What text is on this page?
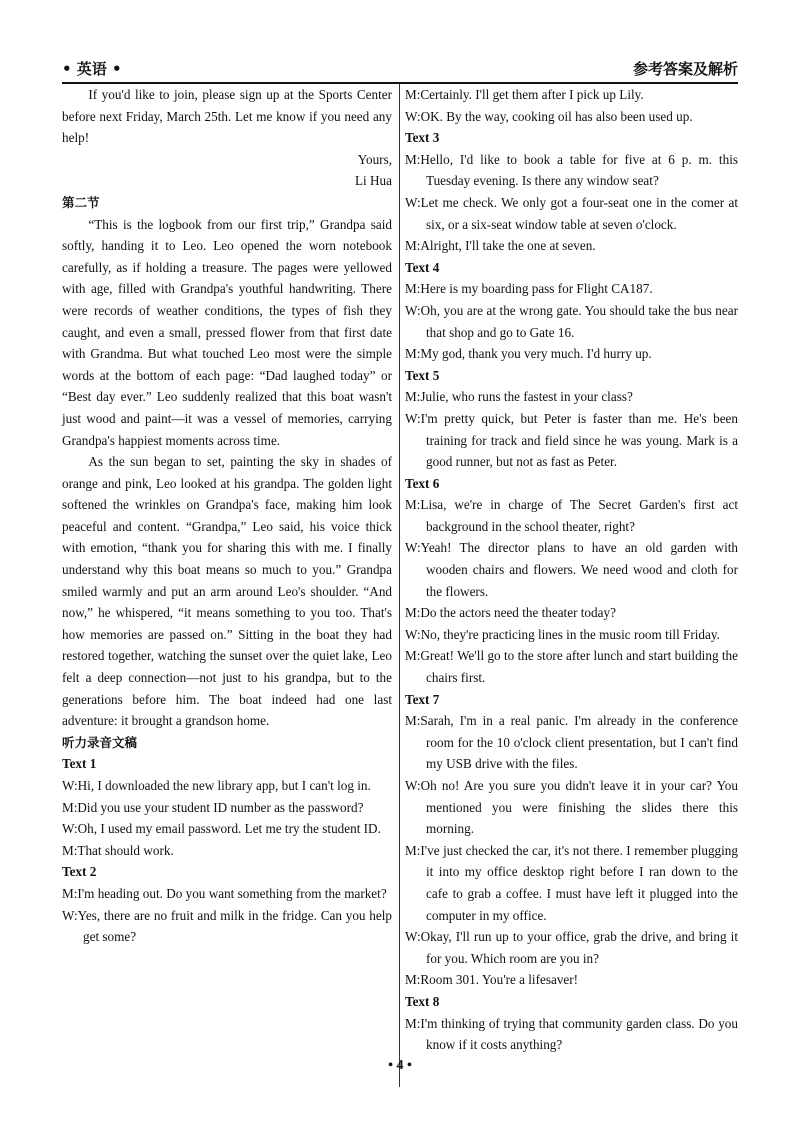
• 英语 •	参考答案及解析

If you'd like to join, please sign up at the Sports Center before next Friday, March 25th. Let me know if you need any help!

Yours,

Li Hua

第二节

“This is the logbook from our first trip,” Grandpa said softly, handing it to Leo. Leo opened the worn notebook carefully, as if holding a treasure. The pages were yellowed with age, filled with Grandpa's youthful handwriting. There were records of weather conditions, the types of fish they caught, and even a small, pressed flower from that first date with Grandma. But what touched Leo most were the simple words at the bottom of each page: “Dad laughed today” or “Best day ever.” Leo suddenly realized that this boat wasn't just wood and paint—it was a vessel of memories, carrying Grandpa's happiest moments across time.

As the sun began to set, painting the sky in shades of orange and pink, Leo looked at his grandpa. The golden light softened the wrinkles on Grandpa's face, making him look peaceful and content. “Grandpa,” Leo said, his voice thick with emotion, “thank you for sharing this with me. I finally understand why this boat means so much to you.” Grandpa smiled warmly and put an arm around Leo's shoulder. “And now,” he whispered, “it means something to you too. That's how memories are passed on.” Sitting in the boat they had restored together, watching the sunset over the quiet lake, Leo felt a deep connection—not just to his grandpa, but to the generations before him. The boat indeed had one last adventure: it brought a grandson home.

听力录音文稿

Text 1

W:Hi, I downloaded the new library app, but I can't log in.

M:Did you use your student ID number as the password?

W:Oh, I used my email password. Let me try the student ID.

M:That should work.

Text 2

M:I'm heading out. Do you want something from the market?

W:Yes, there are no fruit and milk in the fridge. Can you help get some?

M:Certainly. I'll get them after I pick up Lily.

W:OK. By the way, cooking oil has also been used up.

Text 3

M:Hello, I'd like to book a table for five at 6 p. m. this Tuesday evening. Is there any window seat?

W:Let me check. We only got a four-seat one in the comer at six, or a six-seat window table at seven o'clock.

M:Alright, I'll take the one at seven.

Text 4

M:Here is my boarding pass for Flight CA187.

W:Oh, you are at the wrong gate. You should take the bus near that shop and go to Gate 16.

M:My god, thank you very much. I'd hurry up.

Text 5

M:Julie, who runs the fastest in your class?

W:I'm pretty quick, but Peter is faster than me. He's been training for track and field since he was young. Mark is a good runner, but not as fast as Peter.

Text 6

M:Lisa, we're in charge of The Secret Garden's first act background in the school theater, right?

W:Yeah! The director plans to have an old garden with wooden chairs and flowers. We need wood and cloth for the flowers.

M:Do the actors need the theater today?

W:No, they're practicing lines in the music room till Friday.

M:Great! We'll go to the store after lunch and start building the chairs first.

Text 7

M:Sarah, I'm in a real panic. I'm already in the conference room for the 10 o'clock client presentation, but I can't find my USB drive with the files.

W:Oh no! Are you sure you didn't leave it in your car? You mentioned you were finishing the slides there this morning.

M:I've just checked the car, it's not there. I remember plugging it into my office desktop right before I ran down to the cafe to grab a coffee. I must have left it plugged into the computer in my office.

W:Okay, I'll run up to your office, grab the drive, and bring it for you. Which room are you in?

M:Room 301. You're a lifesaver!

Text 8

M:I'm thinking of trying that community garden class. Do you know if it costs anything?

• 4 •
